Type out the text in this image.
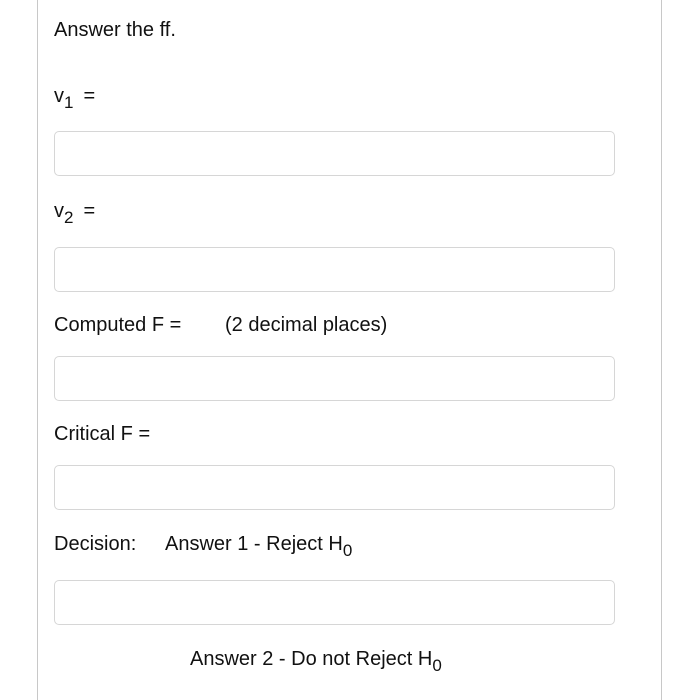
Answer the ff.
$v_1$ =
$v_2$ =
Computed F = (2 decimal places)
Critical F =
Decision: Answer 1 - Reject $H_0$
Answer 2 - Do not Reject $H_0$
